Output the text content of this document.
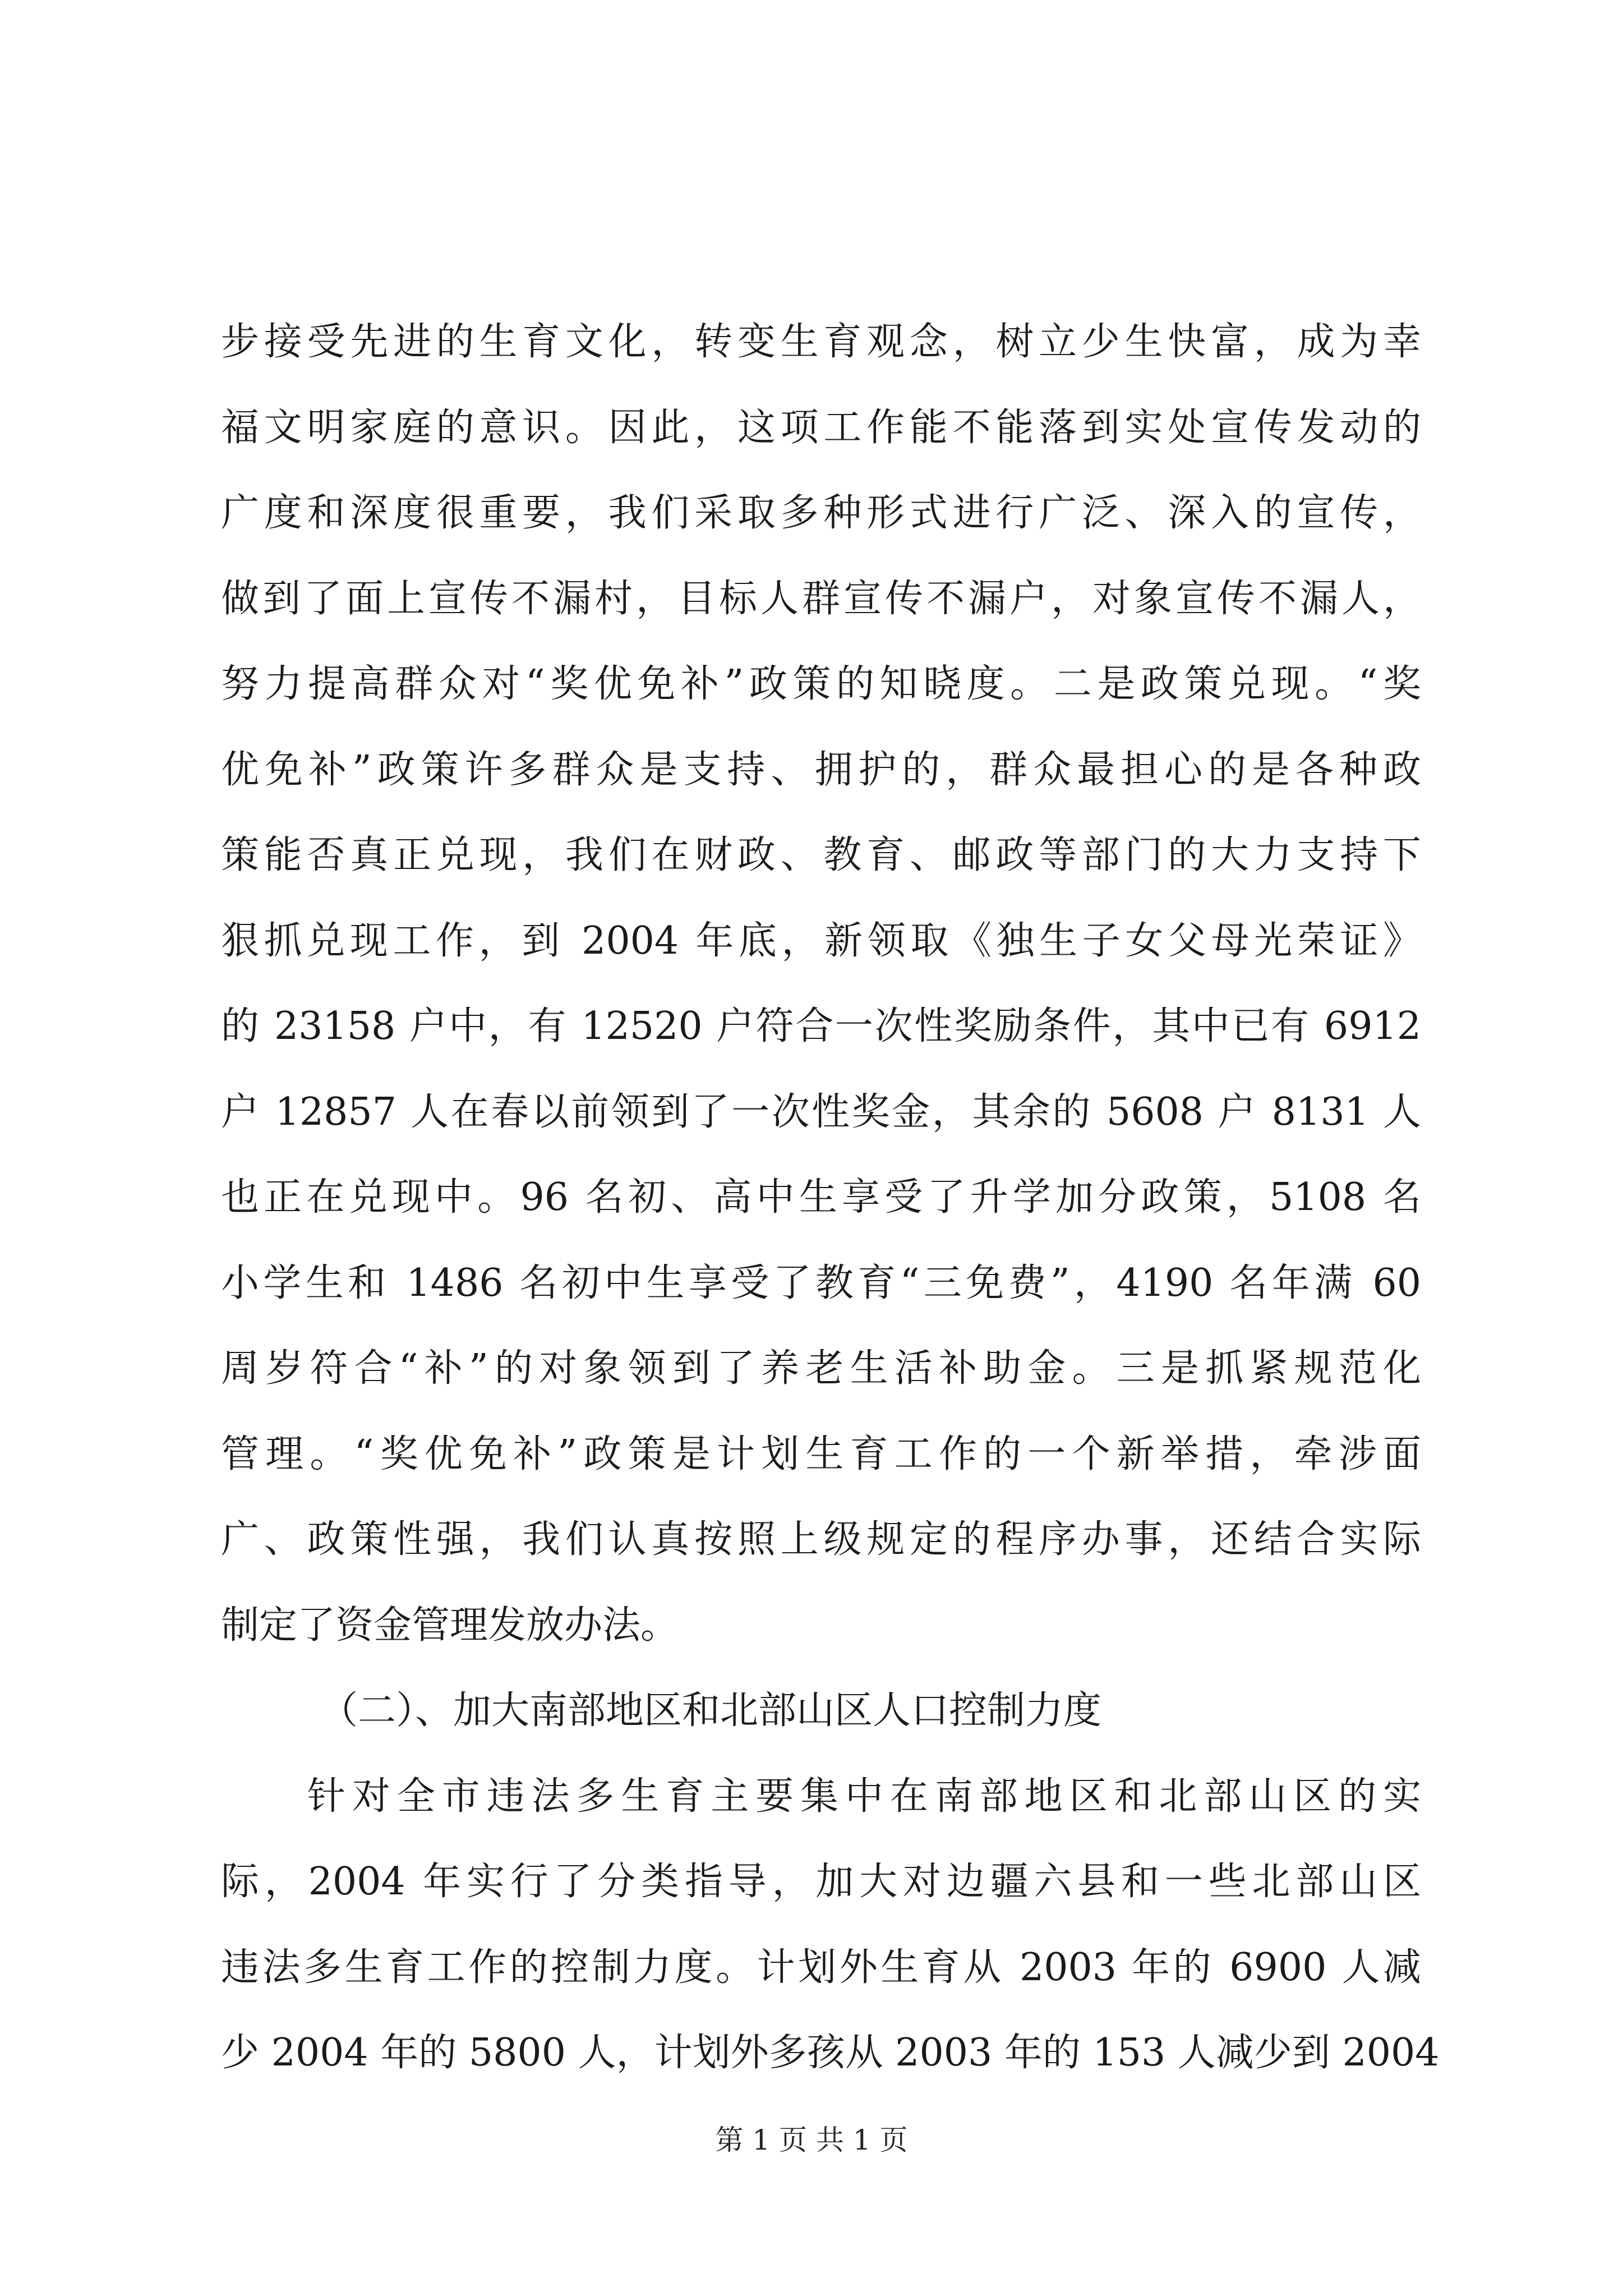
步接受先进的生育文化，转变生育观念，树立少生快富，成为幸
福文明家庭的意识。因此，这项工作能不能落到实处宣传发动的
广度和深度很重要，我们采取多种形式进行广泛、深入的宣传，
做到了面上宣传不漏村，目标人群宣传不漏户，对象宣传不漏人，
努力提高群众对“奖优免补”政策的知晓度。二是政策兑现。“奖
优免补”政策许多群众是支持、拥护的，群众最担心的是各种政
策能否真正兑现，我们在财政、教育、邮政等部门的大力支持下
狠抓兑现工作，到 2004 年底，新领取《独生子女父母光荣证》
的 23158 户中，有 12520 户符合一次性奖励条件，其中已有 6912
户 12857 人在春以前领到了一次性奖金，其余的 5608 户 8131 人
也正在兑现中。96 名初、高中生享受了升学加分政策，5108 名
小学生和 1486 名初中生享受了教育“三免费”，4190 名年满 60
周岁符合“补”的对象领到了养老生活补助金。三是抓紧规范化
管理。“奖优免补”政策是计划生育工作的一个新举措，牵涉面
广、政策性强，我们认真按照上级规定的程序办事，还结合实际
制定了资金管理发放办法。
（二）、加大南部地区和北部山区人口控制力度
针对全市违法多生育主要集中在南部地区和北部山区的实
际，2004 年实行了分类指导，加大对边疆六县和一些北部山区
违法多生育工作的控制力度。计划外生育从 2003 年的 6900 人减
少 2004 年的 5800 人，计划外多孩从 2003 年的 153 人减少到 2004
第 1 页 共 1 页
